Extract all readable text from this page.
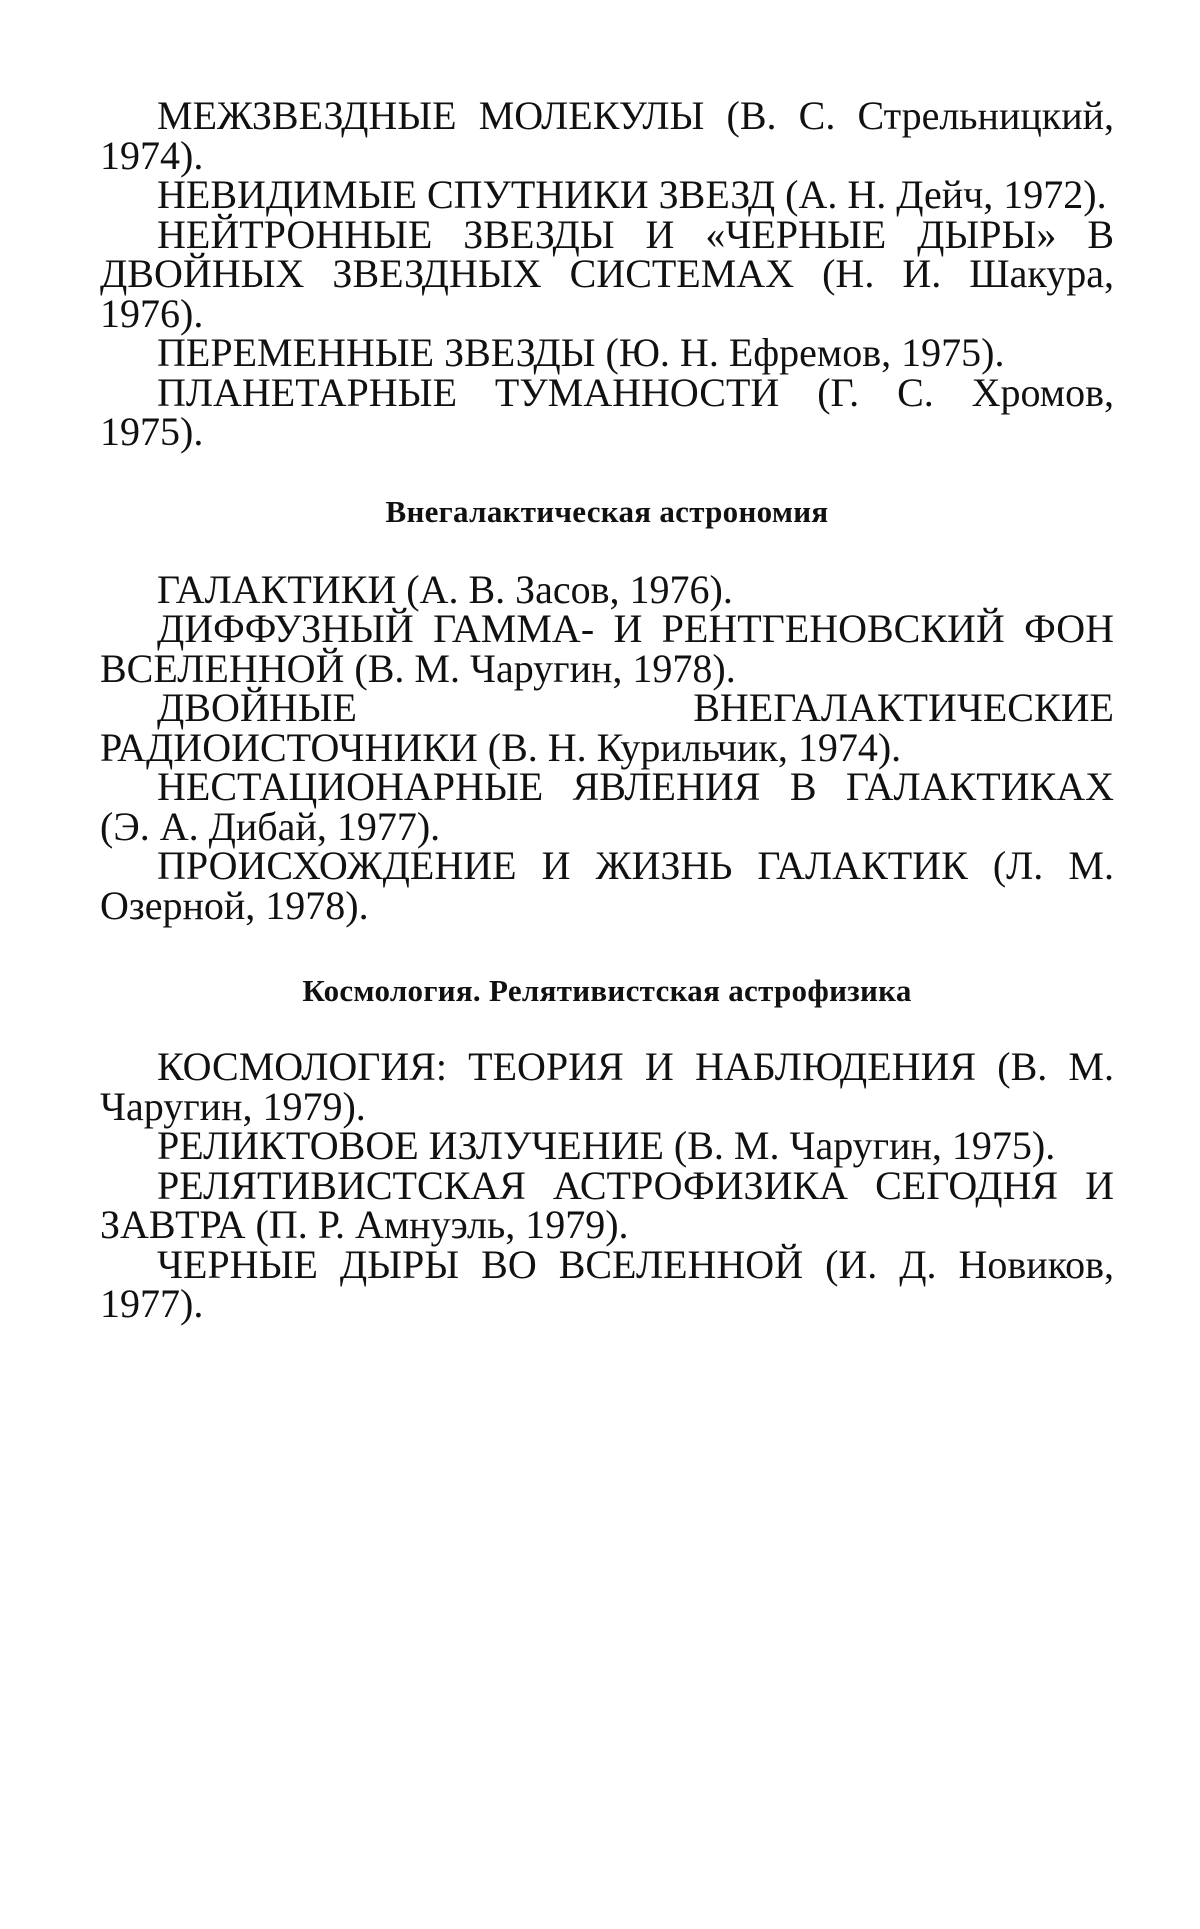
МЕЖЗВЕЗДНЫЕ МОЛЕКУЛЫ (В. С. Стрельницкий, 1974).

НЕВИДИМЫЕ СПУТНИКИ ЗВЕЗД (А. Н. Дейч, 1972).

НЕЙТРОННЫЕ ЗВЕЗДЫ И «ЧЕРНЫЕ ДЫРЫ» В ДВОЙНЫХ ЗВЕЗДНЫХ СИСТЕМАХ (Н. И. Шакура, 1976).

ПЕРЕМЕННЫЕ ЗВЕЗДЫ (Ю. Н. Ефремов, 1975).

ПЛАНЕТАРНЫЕ ТУМАННОСТИ (Г. С. Хромов, 1975).

Внегалактическая астрономия

ГАЛАКТИКИ (А. В. Засов, 1976).

ДИФФУЗНЫЙ ГАММА- И РЕНТГЕНОВСКИЙ ФОН ВСЕЛЕННОЙ (В. М. Чаругин, 1978).

ДВОЙНЫЕ ВНЕГАЛАКТИЧЕСКИЕ РАДИОИСТОЧНИКИ (В. Н. Курильчик, 1974).

НЕСТАЦИОНАРНЫЕ ЯВЛЕНИЯ В ГАЛАКТИКАХ (Э. А. Дибай, 1977).

ПРОИСХОЖДЕНИЕ И ЖИЗНЬ ГАЛАКТИК (Л. М. Озерной, 1978).

Космология. Релятивистская астрофизика

КОСМОЛОГИЯ: ТЕОРИЯ И НАБЛЮДЕНИЯ (В. М. Чаругин, 1979).

РЕЛИКТОВОЕ ИЗЛУЧЕНИЕ (В. М. Чаругин, 1975).

РЕЛЯТИВИСТСКАЯ АСТРОФИЗИКА СЕГОДНЯ И ЗАВТРА (П. Р. Амнуэль, 1979).

ЧЕРНЫЕ ДЫРЫ ВО ВСЕЛЕННОЙ (И. Д. Новиков, 1977).
